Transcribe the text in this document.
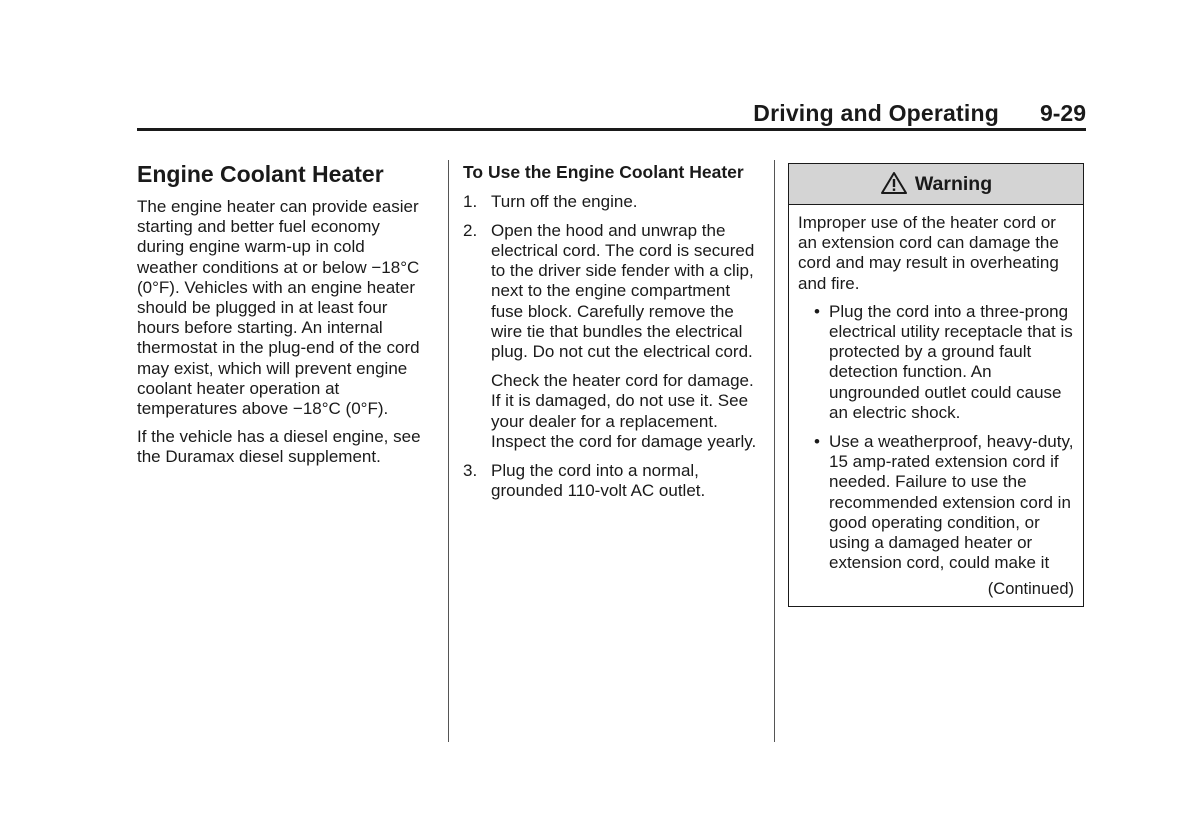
Driving and Operating 9-29
Engine Coolant Heater

The engine heater can provide easier starting and better fuel economy during engine warm-up in cold weather conditions at or below −18°C (0°F). Vehicles with an engine heater should be plugged in at least four hours before starting. An internal thermostat in the plug-end of the cord may exist, which will prevent engine coolant heater operation at temperatures above −18°C (0°F).

If the vehicle has a diesel engine, see the Duramax diesel supplement.

To Use the Engine Coolant Heater
1. Turn off the engine.
2. Open the hood and unwrap the electrical cord. The cord is secured to the driver side fender with a clip, next to the engine compartment fuse block. Carefully remove the wire tie that bundles the electrical plug. Do not cut the electrical cord.
Check the heater cord for damage. If it is damaged, do not use it. See your dealer for a replacement. Inspect the cord for damage yearly.
3. Plug the cord into a normal, grounded 110-volt AC outlet.
Warning

Improper use of the heater cord or an extension cord can damage the cord and may result in overheating and fire.

• Plug the cord into a three-prong electrical utility receptacle that is protected by a ground fault detection function. An ungrounded outlet could cause an electric shock.
• Use a weatherproof, heavy-duty, 15 amp-rated extension cord if needed. Failure to use the recommended extension cord in good operating condition, or using a damaged heater or extension cord, could make it
(Continued)
